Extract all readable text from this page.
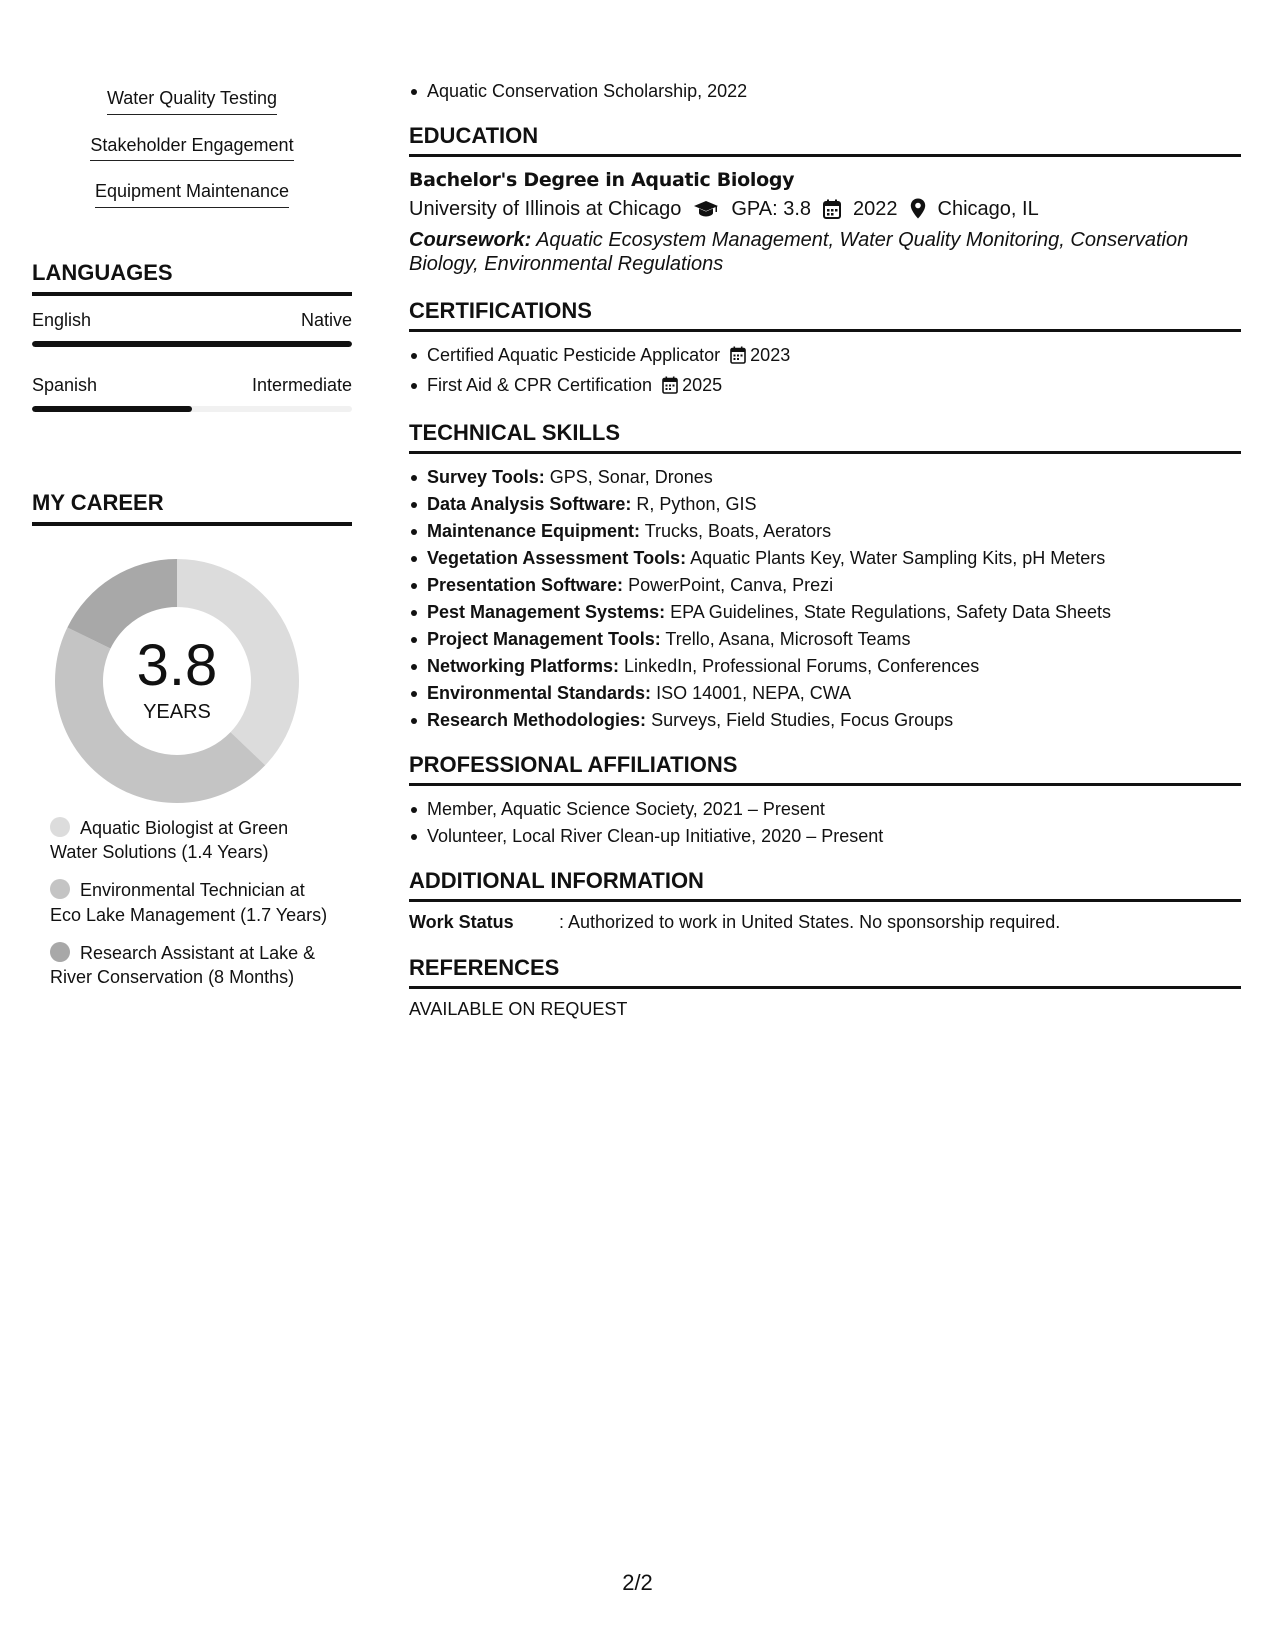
Water Quality Testing
Stakeholder Engagement
Equipment Maintenance
LANGUAGES
English	Native
Spanish	Intermediate
MY CAREER
3.8
YEARS
Aquatic Biologist at Green Water Solutions (1.4 Years)
Environmental Technician at Eco Lake Management (1.7 Years)
Research Assistant at Lake & River Conservation (8 Months)
Aquatic Conservation Scholarship, 2022
EDUCATION
Bachelor's Degree in Aquatic Biology
University of Illinois at Chicago	GPA: 3.8 2022 Chicago, IL
Coursework: Aquatic Ecosystem Management, Water Quality Monitoring, Conservation Biology, Environmental Regulations
CERTIFICATIONS
Certified Aquatic Pesticide Applicator 2023
First Aid & CPR Certification 2025
TECHNICAL SKILLS
Survey Tools: GPS, Sonar, Drones
Data Analysis Software: R, Python, GIS
Maintenance Equipment: Trucks, Boats, Aerators
Vegetation Assessment Tools: Aquatic Plants Key, Water Sampling Kits, pH Meters
Presentation Software: PowerPoint, Canva, Prezi
Pest Management Systems: EPA Guidelines, State Regulations, Safety Data Sheets
Project Management Tools: Trello, Asana, Microsoft Teams
Networking Platforms: LinkedIn, Professional Forums, Conferences
Environmental Standards: ISO 14001, NEPA, CWA
Research Methodologies: Surveys, Field Studies, Focus Groups
PROFESSIONAL AFFILIATIONS
Member, Aquatic Science Society, 2021 – Present
Volunteer, Local River Clean-up Initiative, 2020 – Present
ADDITIONAL INFORMATION
Work Status	: Authorized to work in United States. No sponsorship required.
REFERENCES
AVAILABLE ON REQUEST
2/2
